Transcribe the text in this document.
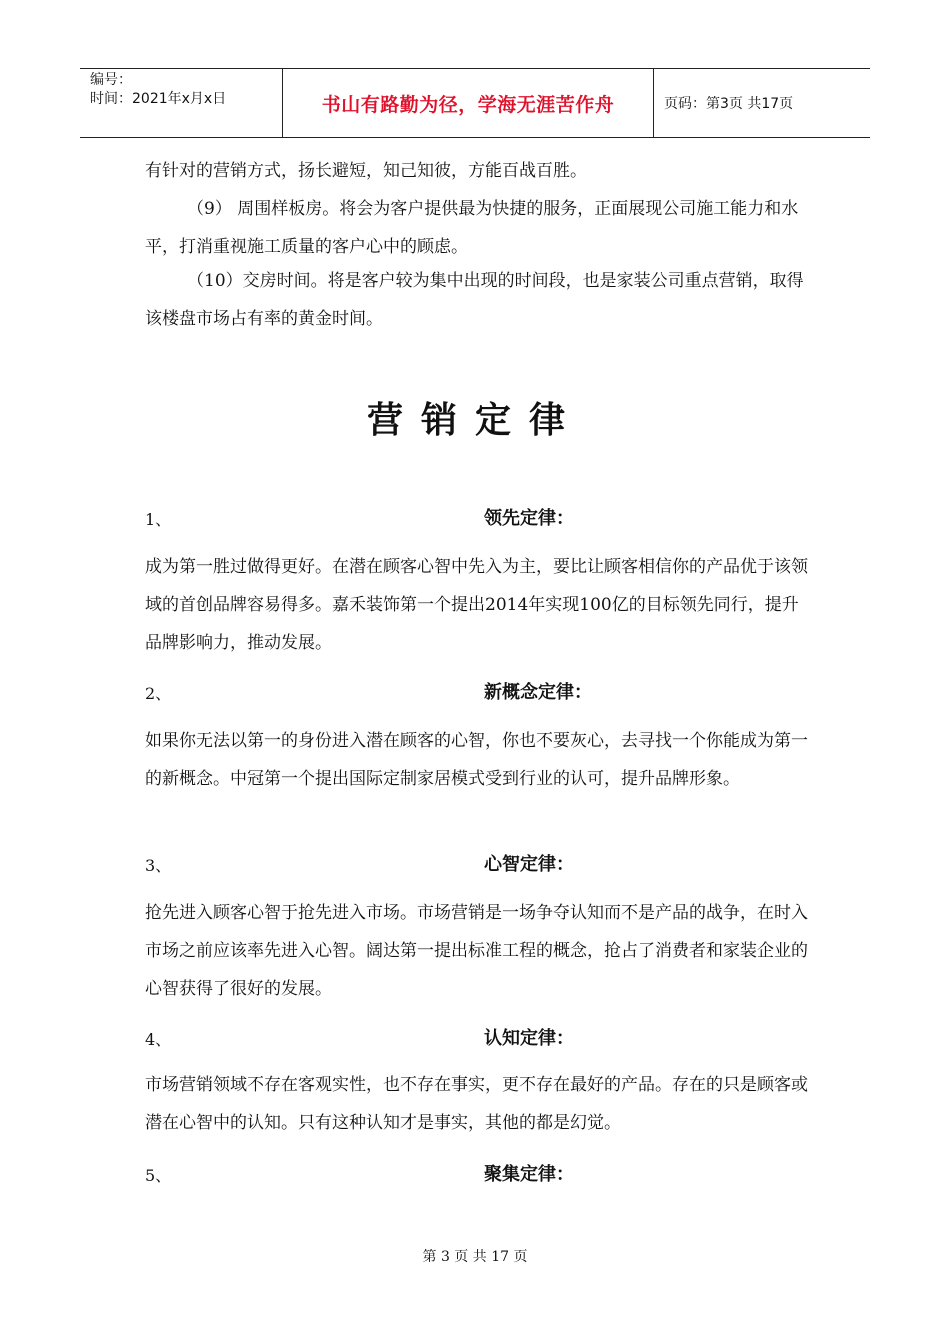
编号：
时间：2021年x月x日	书山有路勤为径，学海无涯苦作舟	页码：第3页 共17页

有针对的营销方式，扬长避短，知己知彼，方能百战百胜。

（9） 周围样板房。将会为客户提供最为快捷的服务，正面展现公司施工能力和水平，打消重视施工质量的客户心中的顾虑。

（10）交房时间。将是客户较为集中出现的时间段，也是家装公司重点营销，取得该楼盘市场占有率的黄金时间。

营销定律
1、	领先定律：

成为第一胜过做得更好。在潜在顾客心智中先入为主，要比让顾客相信你的产品优于该领域的首创品牌容易得多。嘉禾装饰第一个提出2014年实现100亿的目标领先同行，提升品牌影响力，推动发展。

2、	新概念定律：

如果你无法以第一的身份进入潜在顾客的心智，你也不要灰心，去寻找一个你能成为第一的新概念。中冠第一个提出国际定制家居模式受到行业的认可，提升品牌形象。

3、	心智定律：

抢先进入顾客心智于抢先进入市场。市场营销是一场争夺认知而不是产品的战争，在时入市场之前应该率先进入心智。阔达第一提出标准工程的概念，抢占了消费者和家装企业的心智获得了很好的发展。

4、	认知定律：

市场营销领域不存在客观实性，也不存在事实，更不存在最好的产品。存在的只是顾客或潜在心智中的认知。只有这种认知才是事实，其他的都是幻觉。

5、	聚集定律：
第 3 页 共 17 页
